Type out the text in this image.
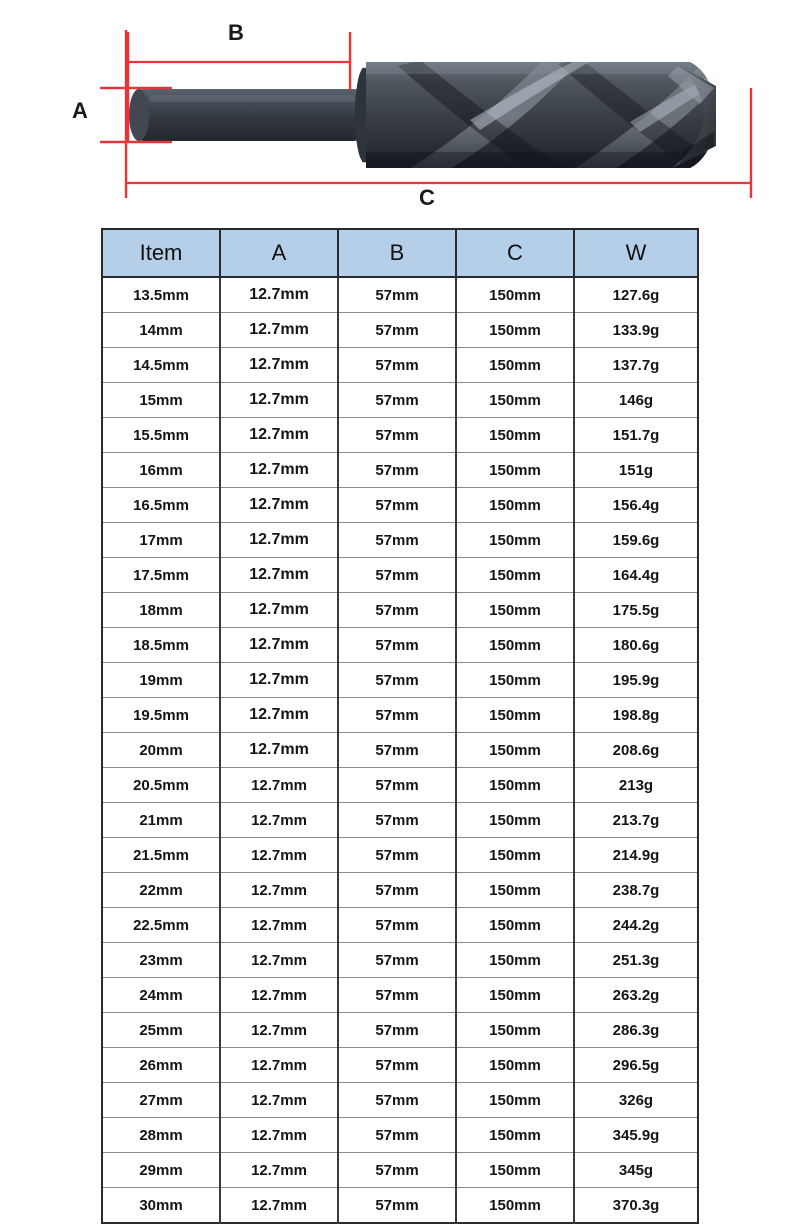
A
B
C
Item	A	B	C	W
13.5mm	12.7mm	57mm	150mm	127.6g
14mm	12.7mm	57mm	150mm	133.9g
14.5mm	12.7mm	57mm	150mm	137.7g
15mm	12.7mm	57mm	150mm	146g
15.5mm	12.7mm	57mm	150mm	151.7g
16mm	12.7mm	57mm	150mm	151g
16.5mm	12.7mm	57mm	150mm	156.4g
17mm	12.7mm	57mm	150mm	159.6g
17.5mm	12.7mm	57mm	150mm	164.4g
18mm	12.7mm	57mm	150mm	175.5g
18.5mm	12.7mm	57mm	150mm	180.6g
19mm	12.7mm	57mm	150mm	195.9g
19.5mm	12.7mm	57mm	150mm	198.8g
20mm	12.7mm	57mm	150mm	208.6g
20.5mm	12.7mm	57mm	150mm	213g
21mm	12.7mm	57mm	150mm	213.7g
21.5mm	12.7mm	57mm	150mm	214.9g
22mm	12.7mm	57mm	150mm	238.7g
22.5mm	12.7mm	57mm	150mm	244.2g
23mm	12.7mm	57mm	150mm	251.3g
24mm	12.7mm	57mm	150mm	263.2g
25mm	12.7mm	57mm	150mm	286.3g
26mm	12.7mm	57mm	150mm	296.5g
27mm	12.7mm	57mm	150mm	326g
28mm	12.7mm	57mm	150mm	345.9g
29mm	12.7mm	57mm	150mm	345g
30mm	12.7mm	57mm	150mm	370.3g
